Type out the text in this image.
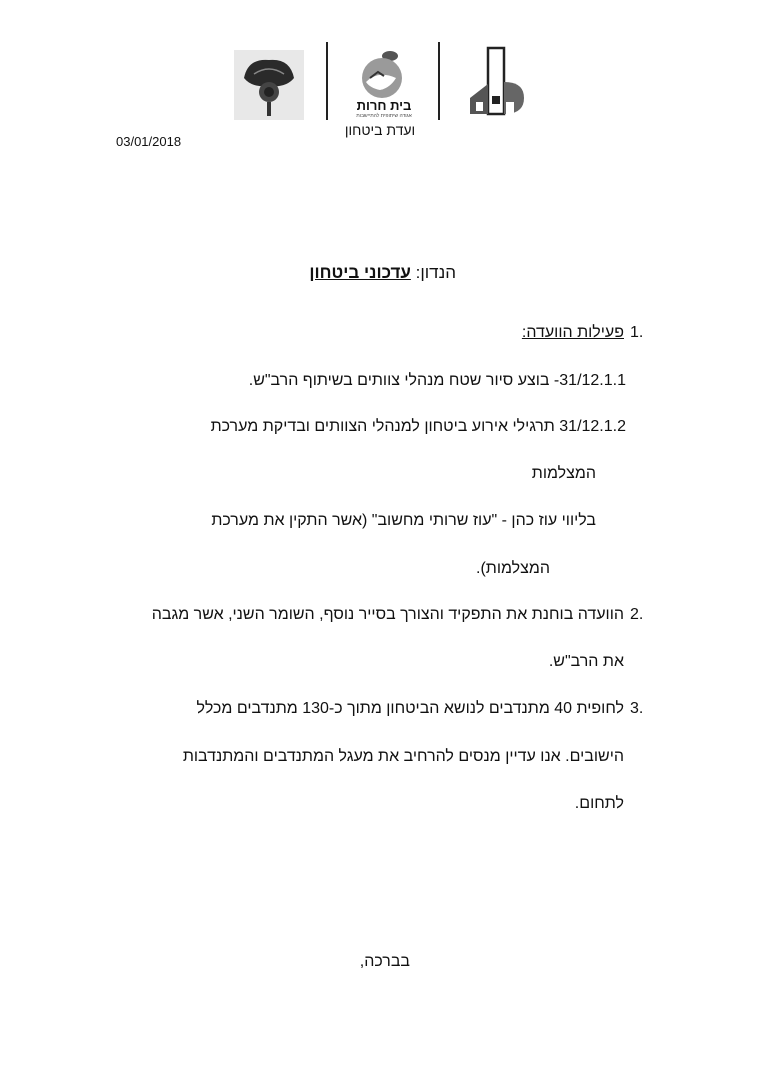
בית חרות
אגודה שיתופית להתיישבות
ועדת ביטחון
03/01/2018
הנדון: עדכוני ביטחון
1.
פעילות הוועדה:
31/12.1.1- בוצע סיור שטח מנהלי צוותים בשיתוף הרב"ש.
31/12.1.2 תרגילי אירוע ביטחון למנהלי הצוותים ובדיקת מערכת
המצלמות
בליווי עוז כהן - "עוז שרותי מחשוב" (אשר התקין את מערכת
המצלמות).
2.
הוועדה בוחנת את התפקיד והצורך בסייר נוסף, השומר השני, אשר מגבה
את הרב"ש.
3.
לחופית 40 מתנדבים לנושא הביטחון מתוך כ-130 מתנדבים מכלל
הישובים. אנו עדיין מנסים להרחיב את מעגל המתנדבים והמתנדבות
לתחום.
בברכה,
